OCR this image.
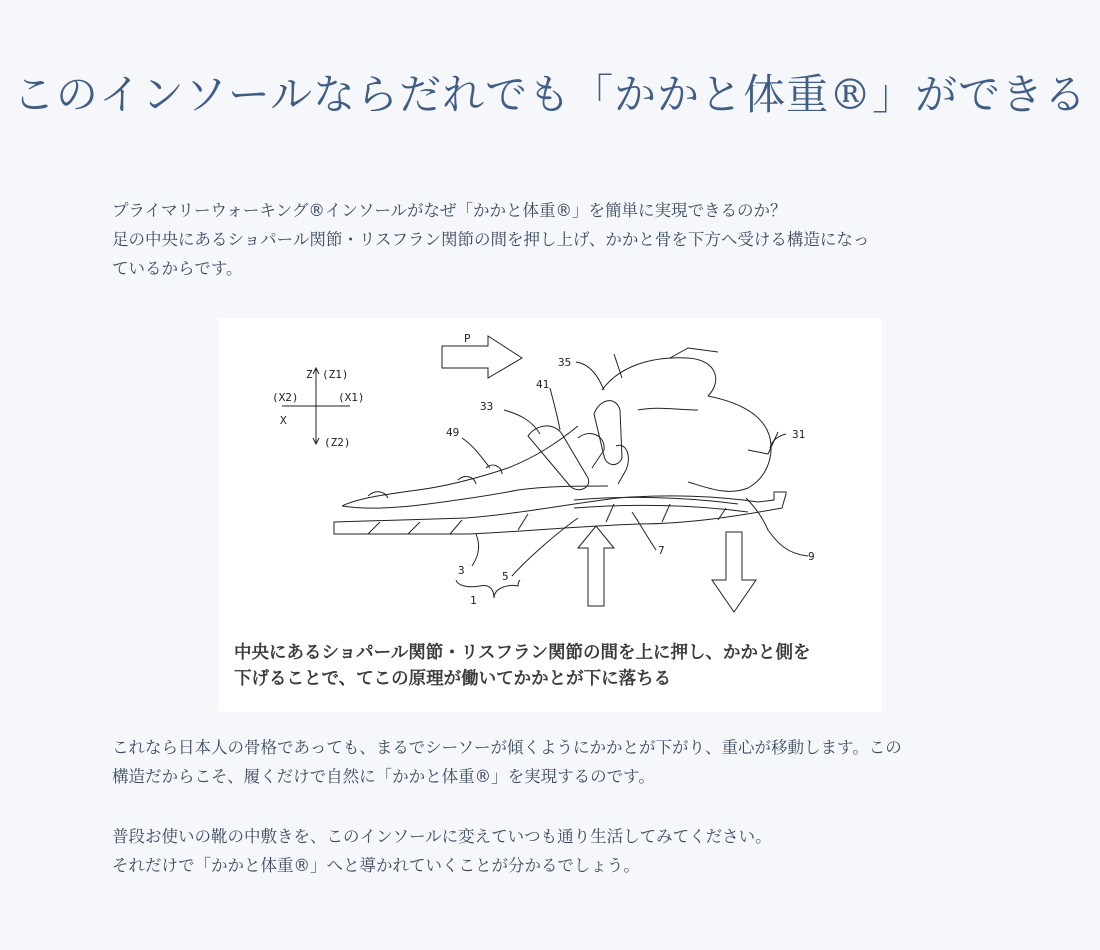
このインソールならだれでも「かかと体重®」ができる

プライマリーウォーキング®インソールがなぜ「かかと体重®」を簡単に実現できるのか？

足の中央にあるショパール関節・リスフラン関節の間を押し上げ、かかと骨を下方へ受ける構造になっ

ているからです。

Z (Z1)
(X2)	(X1)
X
(Z2)
P
35
41
33
49	31
7	9
3	5
1

中央にあるショパール関節・リスフラン関節の間を上に押し、かかと側を

下げることで、てこの原理が働いてかかとが下に落ちる

これなら日本人の骨格であっても、まるでシーソーが傾くようにかかとが下がり、重心が移動します。この

構造だからこそ、履くだけで自然に「かかと体重®」を実現するのです。

普段お使いの靴の中敷きを、このインソールに変えていつも通り生活してみてください。

それだけで「かかと体重®」へと導かれていくことが分かるでしょう。
